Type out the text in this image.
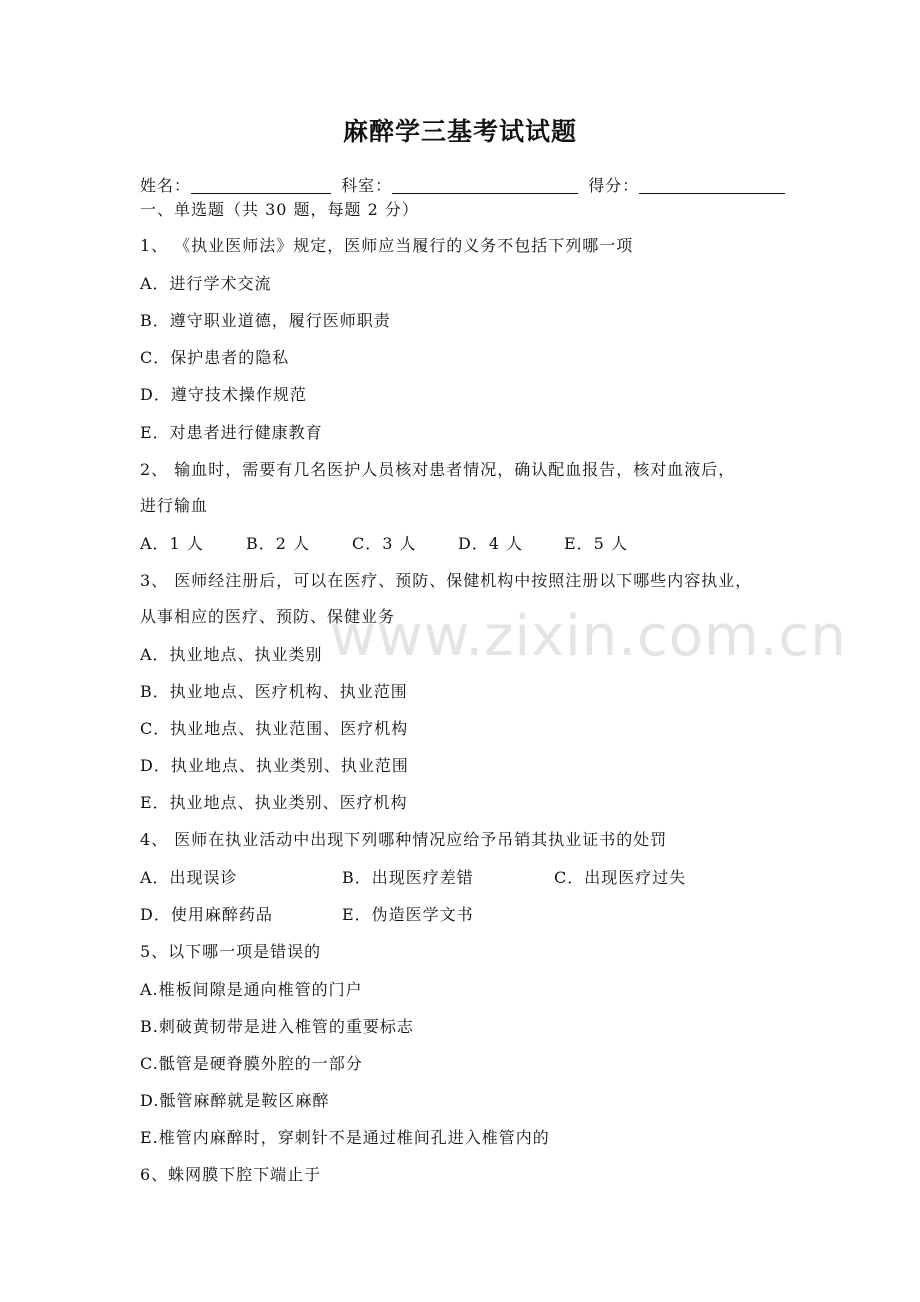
www.zixin.com.cn
麻醉学三基考试试题
姓名：	科室：	得分：
一、单选题（共 30 题，每题 2 分）
1、 《执业医师法》规定，医师应当履行的义务不包括下列哪一项
A．进行学术交流
B．遵守职业道德，履行医师职责
C．保护患者的隐私
D．遵守技术操作规范
E．对患者进行健康教育
2、 输血时，需要有几名医护人员核对患者情况，确认配血报告，核对血液后，
进行输血
A．1 人	B．2 人	C．3 人	D．4 人	E．5 人
3、 医师经注册后，可以在医疗、预防、保健机构中按照注册以下哪些内容执业，
从事相应的医疗、预防、保健业务
A．执业地点、执业类别
B．执业地点、医疗机构、执业范围
C．执业地点、执业范围、医疗机构
D．执业地点、执业类别、执业范围
E．执业地点、执业类别、医疗机构
4、 医师在执业活动中出现下列哪种情况应给予吊销其执业证书的处罚
A．出现误诊	B．出现医疗差错	C．出现医疗过失
D．使用麻醉药品	E．伪造医学文书
5、以下哪一项是错误的
A.椎板间隙是通向椎管的门户
B.刺破黄韧带是进入椎管的重要标志
C.骶管是硬脊膜外腔的一部分
D.骶管麻醉就是鞍区麻醉
E.椎管内麻醉时，穿刺针不是通过椎间孔进入椎管内的
6、蛛网膜下腔下端止于
